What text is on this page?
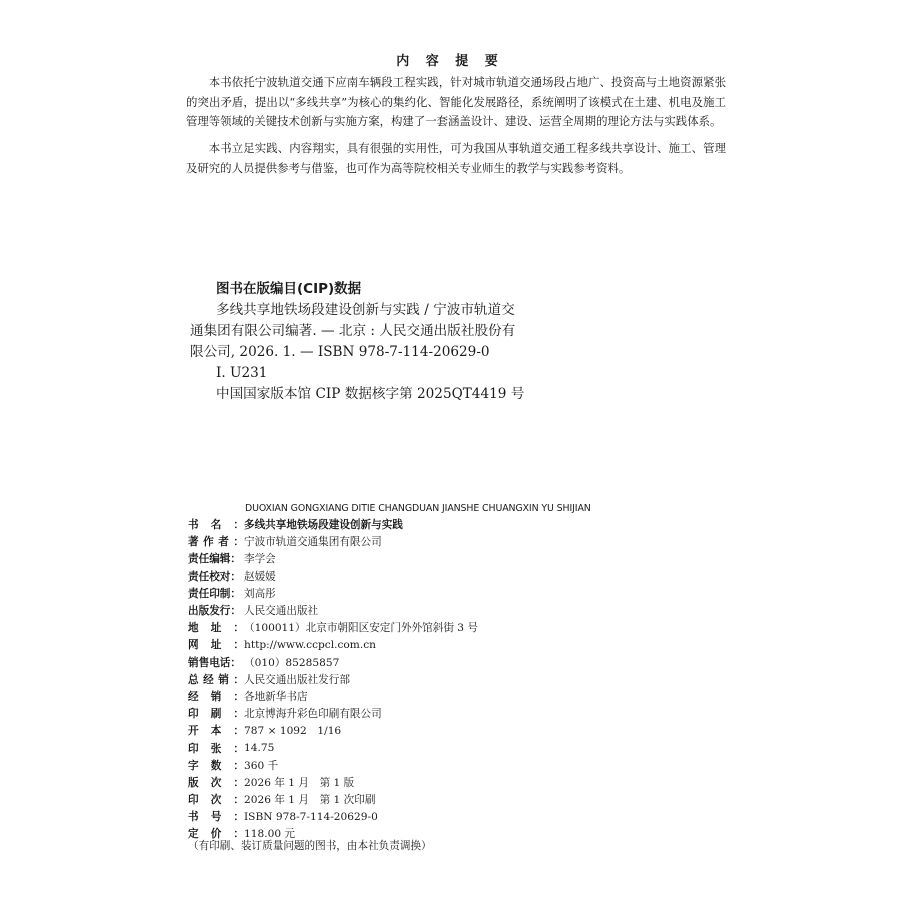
内 容 提 要

本书依托宁波轨道交通下应南车辆段工程实践，针对城市轨道交通场段占地广、投资高与土地资源紧张的突出矛盾，提出以“多线共享”为核心的集约化、智能化发展路径，系统阐明了该模式在土建、机电及施工管理等领域的关键技术创新与实施方案，构建了一套涵盖设计、建设、运营全周期的理论方法与实践体系。

本书立足实践、内容翔实，具有很强的实用性，可为我国从事轨道交通工程多线共享设计、施工、管理及研究的人员提供参考与借鉴，也可作为高等院校相关专业师生的教学与实践参考资料。

图书在版编目(CIP)数据
多线共享地铁场段建设创新与实践 / 宁波市轨道交
通集团有限公司编著. — 北京 : 人民交通出版社股份有
限公司, 2026. 1. — ISBN 978-7-114-20629-0
Ⅰ. U231
中国国家版本馆 CIP 数据核字第 2025QT4419 号
DUOXIAN GONGXIANG DITIE CHANGDUAN JIANSHE CHUANGXIN YU SHIJIAN
书 名 ： 多线共享地铁场段建设创新与实践
著 作 者 ： 宁波市轨道交通集团有限公司
责 任 编 辑 ： 李学会
责 任 校 对 ： 赵媛媛
责 任 印 制 ： 刘高彤
出 版 发 行 ： 人民交通出版社
地 址 ： （100011）北京市朝阳区安定门外外馆斜街 3 号
网 址 ： http://www.ccpcl.com.cn
销 售 电 话 ： （010）85285857
总 经 销 ： 人民交通出版社发行部
经 销 ： 各地新华书店
印 刷 ： 北京博海升彩色印刷有限公司
开 本 ： 787 × 1092　1/16
印 张 ： 14.75
字 数 ： 360 千
版 次 ： 2026 年 1 月　第 1 版
印 次 ： 2026 年 1 月　第 1 次印刷
书 号 ： ISBN 978-7-114-20629-0
定 价 ： 118.00 元
（有印刷、装订质量问题的图书，由本社负责调换）
